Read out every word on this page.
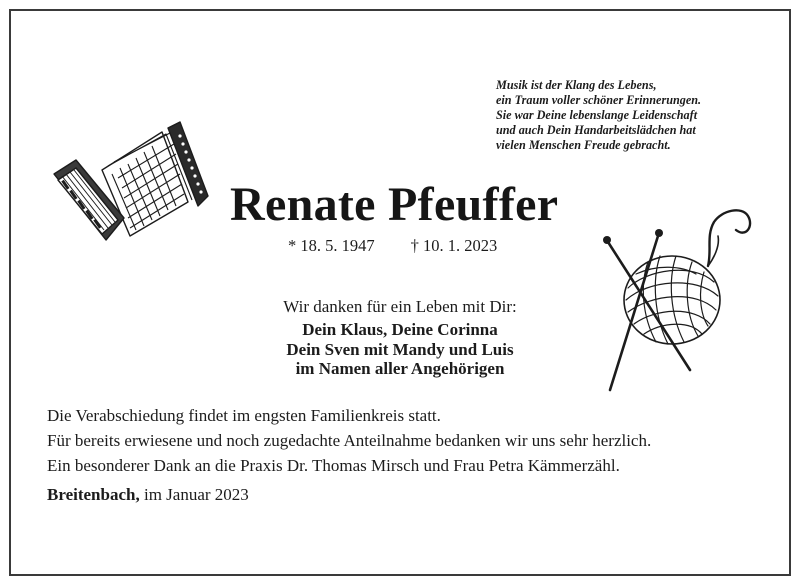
Musik ist der Klang des Lebens,
ein Traum voller schöner Erinnerungen.
Sie war Deine lebenslange Leidenschaft
und auch Dein Handarbeitslädchen hat
vielen Menschen Freude gebracht.
Renate Pfeuffer
* 18. 5. 1947 † 10. 1. 2023
Wir danken für ein Leben mit Dir:
Dein Klaus, Deine Corinna
Dein Sven mit Mandy und Luis
im Namen aller Angehörigen
Die Verabschiedung findet im engsten Familienkreis statt.
Für bereits erwiesene und noch zugedachte Anteilnahme bedanken wir uns sehr herzlich.
Ein besonderer Dank an die Praxis Dr. Thomas Mirsch und Frau Petra Kämmerzähl.
Breitenbach, im Januar 2023
